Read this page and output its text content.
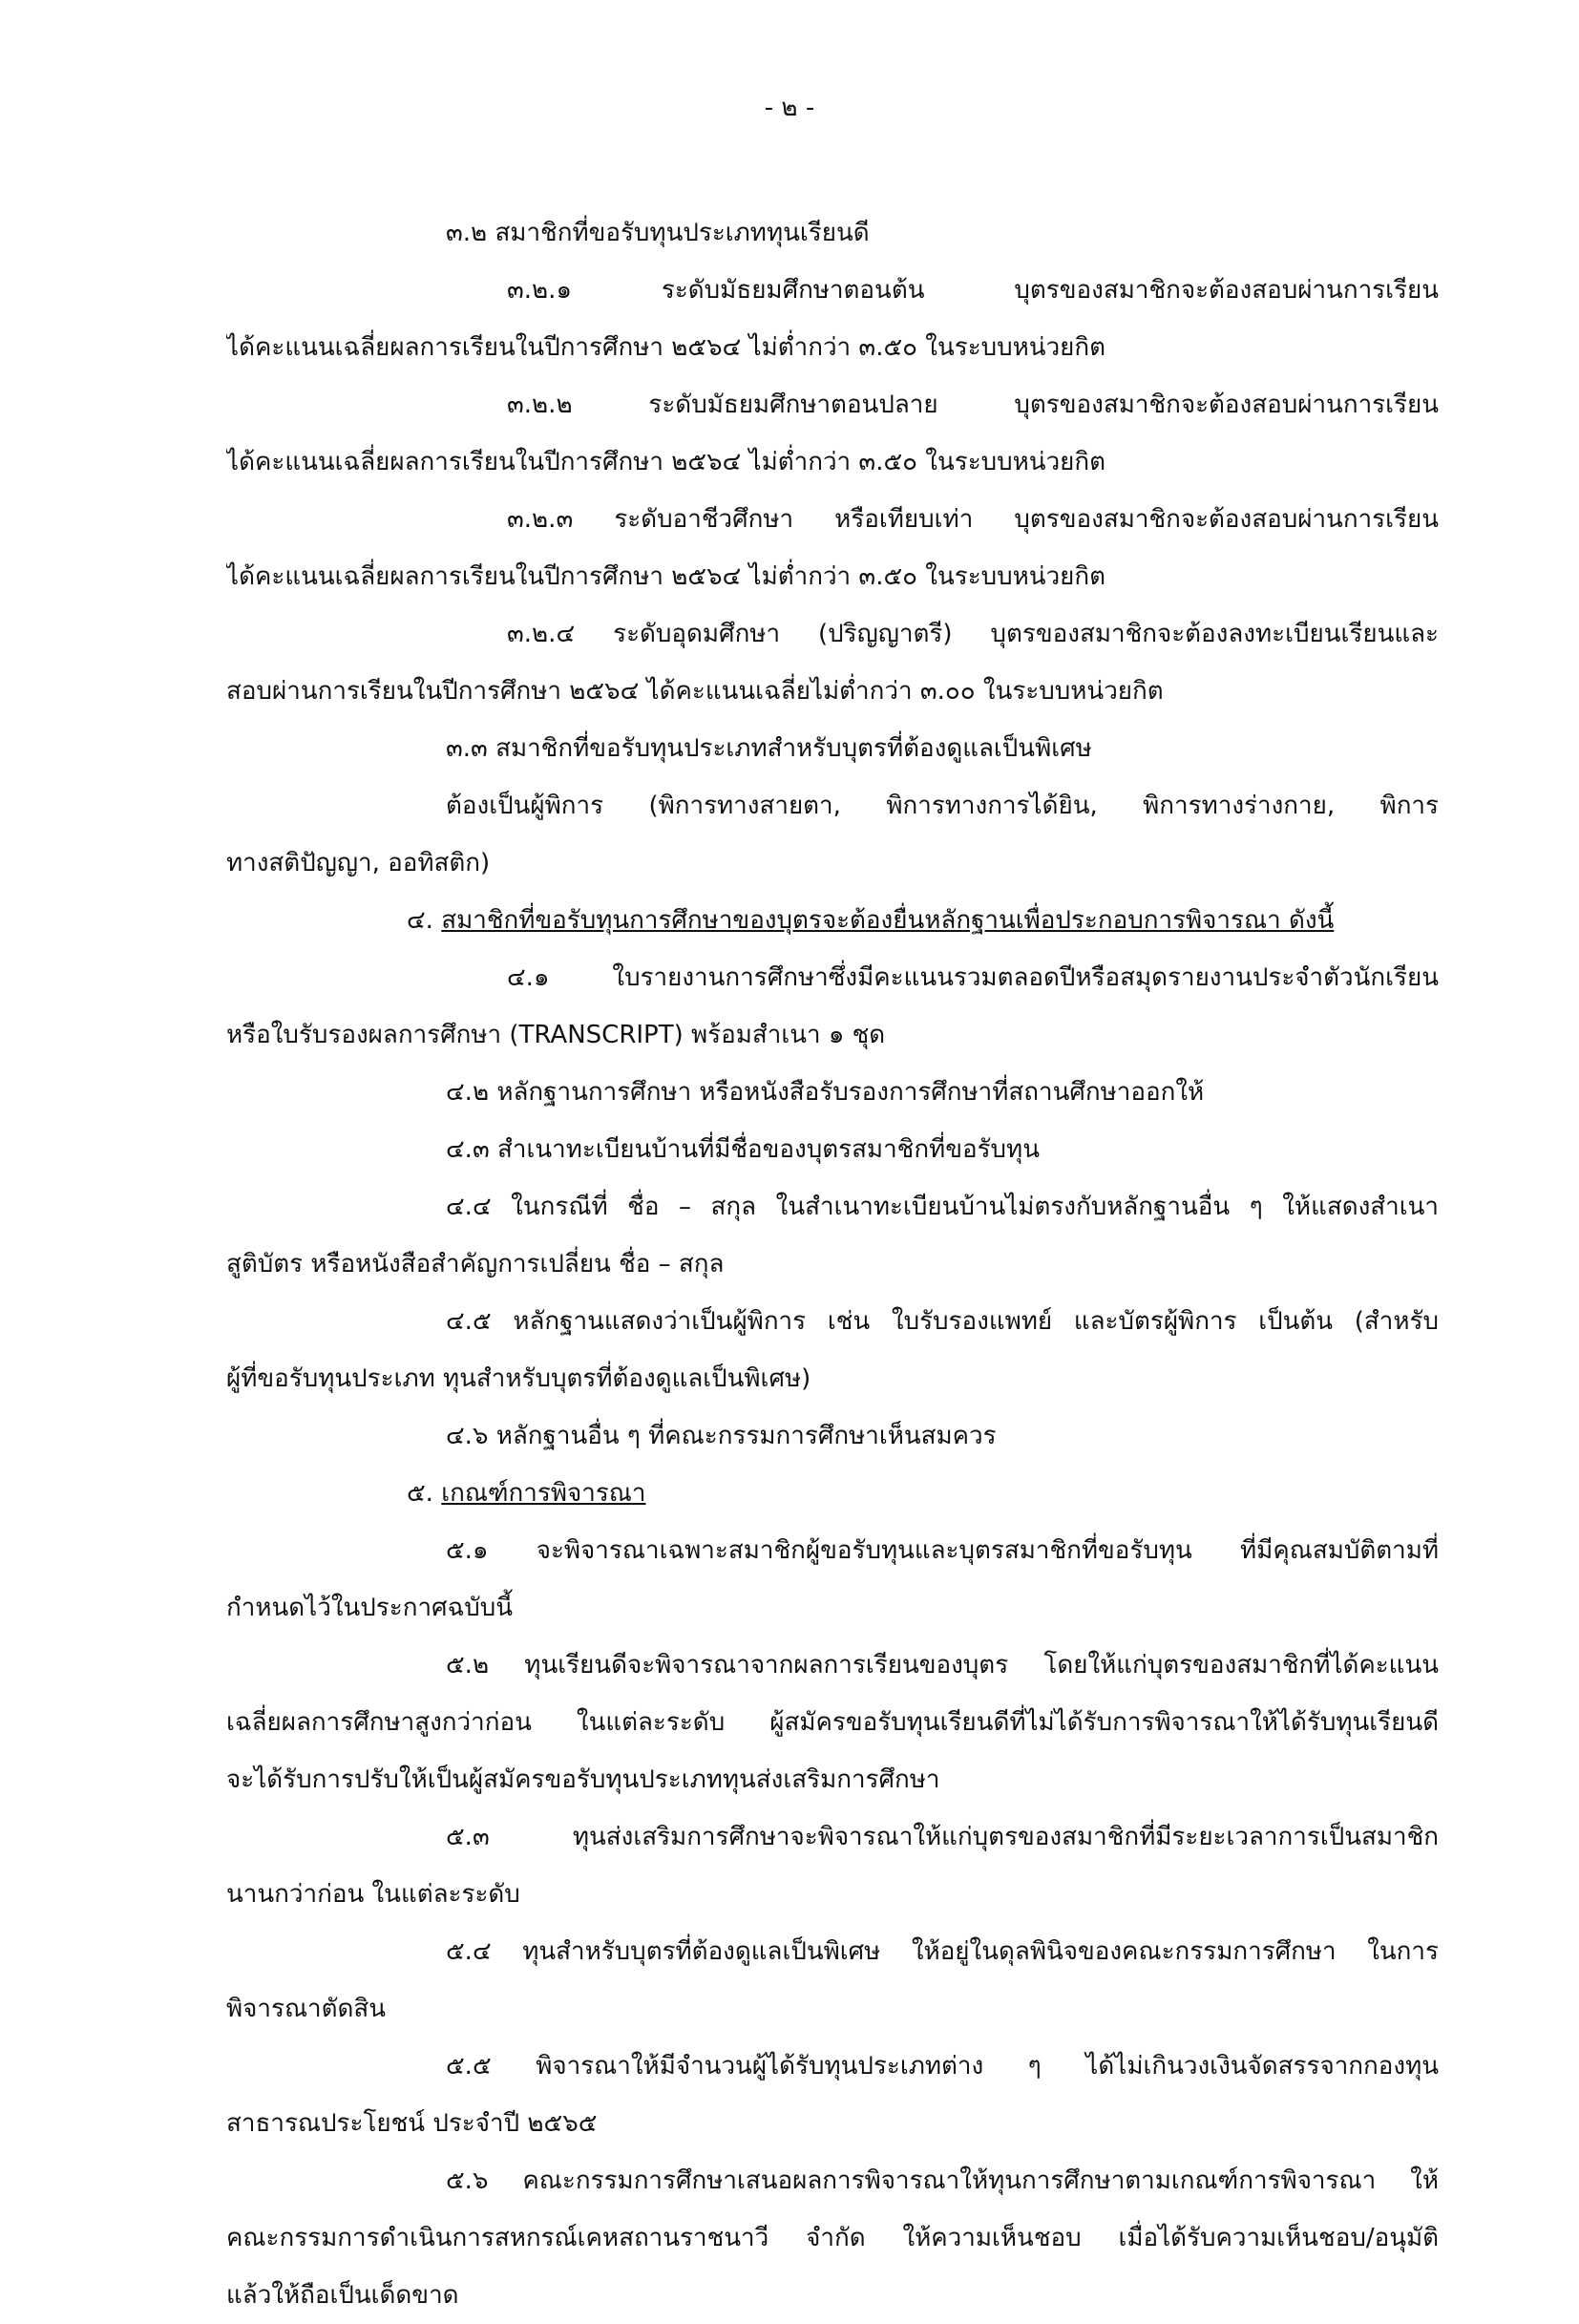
- ๒ -
๓.๒ สมาชิกที่ขอรับทุนประเภททุนเรียนดี
๓.๒.๑ ระดับมัธยมศึกษาตอนต้น บุตรของสมาชิกจะต้องสอบผ่านการเรียน
ได้คะแนนเฉลี่ยผลการเรียนในปีการศึกษา ๒๕๖๔ ไม่ต่ำกว่า ๓.๕๐ ในระบบหน่วยกิต
๓.๒.๒ ระดับมัธยมศึกษาตอนปลาย บุตรของสมาชิกจะต้องสอบผ่านการเรียน
ได้คะแนนเฉลี่ยผลการเรียนในปีการศึกษา ๒๕๖๔ ไม่ต่ำกว่า ๓.๕๐ ในระบบหน่วยกิต
๓.๒.๓ ระดับอาชีวศึกษา หรือเทียบเท่า บุตรของสมาชิกจะต้องสอบผ่านการเรียน
ได้คะแนนเฉลี่ยผลการเรียนในปีการศึกษา ๒๕๖๔ ไม่ต่ำกว่า ๓.๕๐ ในระบบหน่วยกิต
๓.๒.๔ ระดับอุดมศึกษา (ปริญญาตรี) บุตรของสมาชิกจะต้องลงทะเบียนเรียนและ
สอบผ่านการเรียนในปีการศึกษา ๒๕๖๔ ได้คะแนนเฉลี่ยไม่ต่ำกว่า ๓.๐๐ ในระบบหน่วยกิต
๓.๓ สมาชิกที่ขอรับทุนประเภทสำหรับบุตรที่ต้องดูแลเป็นพิเศษ
ต้องเป็นผู้พิการ (พิการทางสายตา, พิการทางการได้ยิน, พิการทางร่างกาย, พิการ
ทางสติปัญญา, ออทิสติก)
๔. สมาชิกที่ขอรับทุนการศึกษาของบุตรจะต้องยื่นหลักฐานเพื่อประกอบการพิจารณา ดังนี้
๔.๑ ใบรายงานการศึกษาซึ่งมีคะแนนรวมตลอดปีหรือสมุดรายงานประจำตัวนักเรียน
หรือใบรับรองผลการศึกษา (TRANSCRIPT) พร้อมสำเนา ๑ ชุด
๔.๒ หลักฐานการศึกษา หรือหนังสือรับรองการศึกษาที่สถานศึกษาออกให้
๔.๓ สำเนาทะเบียนบ้านที่มีชื่อของบุตรสมาชิกที่ขอรับทุน
๔.๔ ในกรณีที่ ชื่อ – สกุล ในสำเนาทะเบียนบ้านไม่ตรงกับหลักฐานอื่น ๆ ให้แสดงสำเนา
สูติบัตร หรือหนังสือสำคัญการเปลี่ยน ชื่อ – สกุล
๔.๕ หลักฐานแสดงว่าเป็นผู้พิการ เช่น ใบรับรองแพทย์ และบัตรผู้พิการ เป็นต้น (สำหรับ
ผู้ที่ขอรับทุนประเภท ทุนสำหรับบุตรที่ต้องดูแลเป็นพิเศษ)
๔.๖ หลักฐานอื่น ๆ ที่คณะกรรมการศึกษาเห็นสมควร
๕. เกณฑ์การพิจารณา
๕.๑ จะพิจารณาเฉพาะสมาชิกผู้ขอรับทุนและบุตรสมาชิกที่ขอรับทุน ที่มีคุณสมบัติตามที่
กำหนดไว้ในประกาศฉบับนี้
๕.๒ ทุนเรียนดีจะพิจารณาจากผลการเรียนของบุตร โดยให้แก่บุตรของสมาชิกที่ได้คะแนน
เฉลี่ยผลการศึกษาสูงกว่าก่อน ในแต่ละระดับ ผู้สมัครขอรับทุนเรียนดีที่ไม่ได้รับการพิจารณาให้ได้รับทุนเรียนดี
จะได้รับการปรับให้เป็นผู้สมัครขอรับทุนประเภททุนส่งเสริมการศึกษา
๕.๓ ทุนส่งเสริมการศึกษาจะพิจารณาให้แก่บุตรของสมาชิกที่มีระยะเวลาการเป็นสมาชิก
นานกว่าก่อน ในแต่ละระดับ
๕.๔ ทุนสำหรับบุตรที่ต้องดูแลเป็นพิเศษ ให้อยู่ในดุลพินิจของคณะกรรมการศึกษา ในการ
พิจารณาตัดสิน
๕.๕ พิจารณาให้มีจำนวนผู้ได้รับทุนประเภทต่าง ๆ ได้ไม่เกินวงเงินจัดสรรจากกองทุน
สาธารณประโยชน์ ประจำปี ๒๕๖๕
๕.๖ คณะกรรมการศึกษาเสนอผลการพิจารณาให้ทุนการศึกษาตามเกณฑ์การพิจารณา ให้
คณะกรรมการดำเนินการสหกรณ์เคหสถานราชนาวี จำกัด ให้ความเห็นชอบ เมื่อได้รับความเห็นชอบ/อนุมัติ
แล้วให้ถือเป็นเด็ดขาด
